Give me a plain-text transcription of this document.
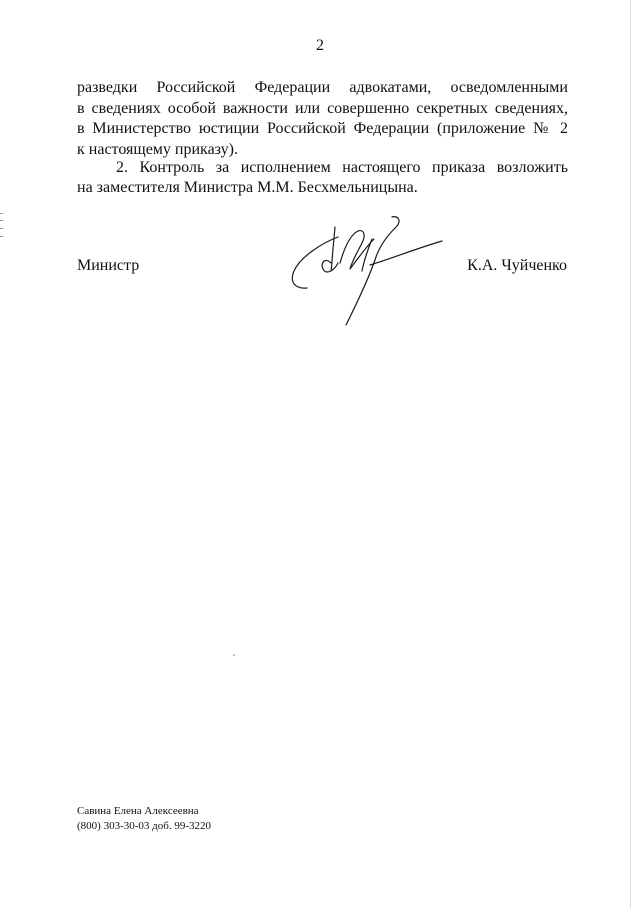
2
разведки Российской Федерации адвокатами, осведомленными
в сведениях особой важности или совершенно секретных сведениях,
в Министерство юстиции Российской Федерации (приложение № 2
к настоящему приказу).
2. Контроль за исполнением настоящего приказа возложить
на заместителя Министра М.М. Бесхмельницына.
Министр	К.А. Чуйченко
Савина Елена Алексеевна
(800) 303-30-03 доб. 99-3220
